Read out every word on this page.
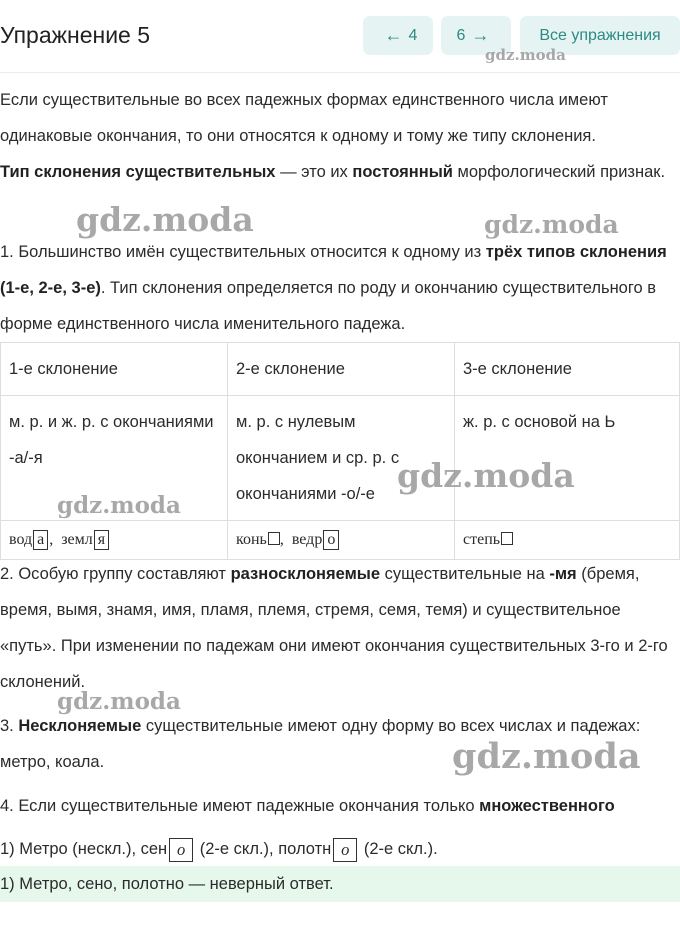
Упражнение 5	← 4 6 →	Все упражнения
Если существительные во всех падежных формах единственного числа имеют одинаковые окончания, то они относятся к одному и тому же типу склонения.
Тип склонения существительных — это их постоянный морфологический признак.
1. Большинство имён существительных относится к одному из трёх типов склонения (1-е, 2-е, 3-е). Тип склонения определяется по роду и окончанию существительного в форме единственного числа именительного падежа.
1-е склонение	2-е склонение	3-е склонение
м. р. и ж. р. с окончаниями -а/-я	м. р. с нулевым окончанием и ср. р. с окончаниями -о/-е	ж. р. с основой на Ь
вод а ,  земл я	конь ,  ведр о	степь
2. Особую группу составляют разносклоняемые существительные на -мя (бремя, время, вымя, знамя, имя, пламя, племя, стремя, семя, темя) и существительное «путь». При изменении по падежам они имеют окончания существительных 3-го и 2-го склонений.
3. Несклоняемые существительные имеют одну форму во всех числах и падежах: метро, коала.
4. Если существительные имеют падежные окончания только множественного
1) Метро (нескл.), сен о (2-е скл.), полотн о (2-е скл.).
1) Метро, сено, полотно — неверный ответ.
gdz.moda
gdz.moda	gdz.moda
gdz.moda
gdz.moda
gdz.moda
gdz.moda
